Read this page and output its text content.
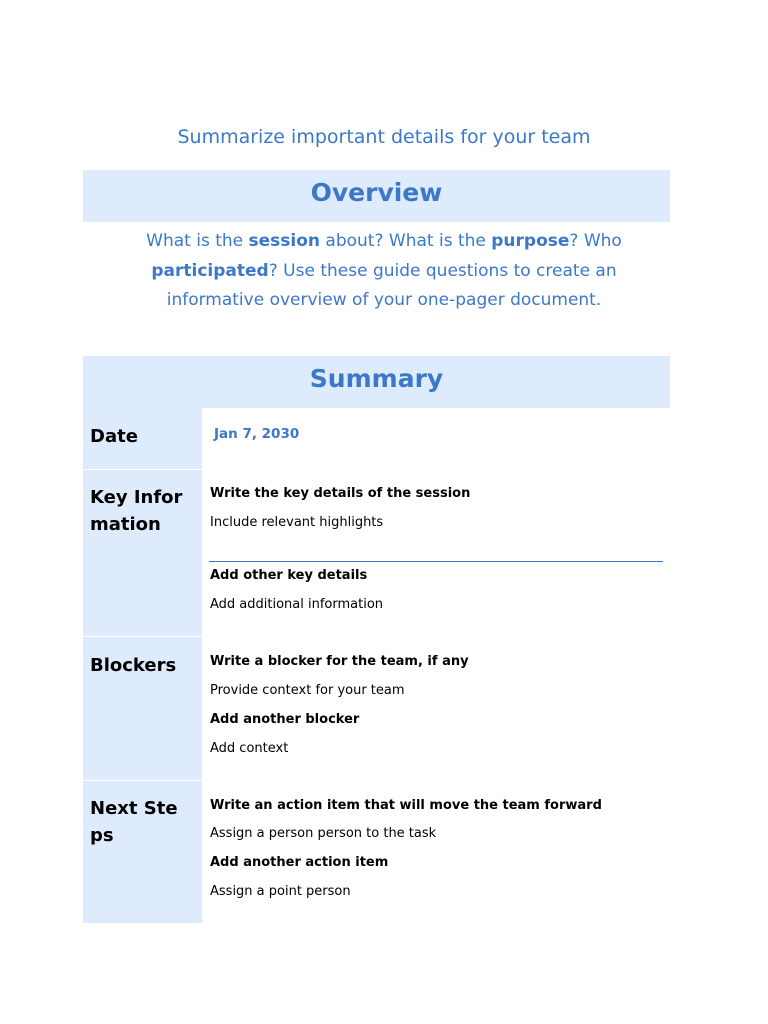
Summarize important details for your team
Overview
What is the session about? What is the purpose? Who participated? Use these guide questions to create an informative overview of your one-pager document.
Summary
Date
Key Information
Blockers
Next Steps
Jan 7, 2030
Write the key details of the session
Include relevant highlights
Add other key details
Add additional information
Write a blocker for the team, if any
Provide context for your team
Add another blocker
Add context
Write an action item that will move the team forward
Assign a person person to the task
Add another action item
Assign a point person
